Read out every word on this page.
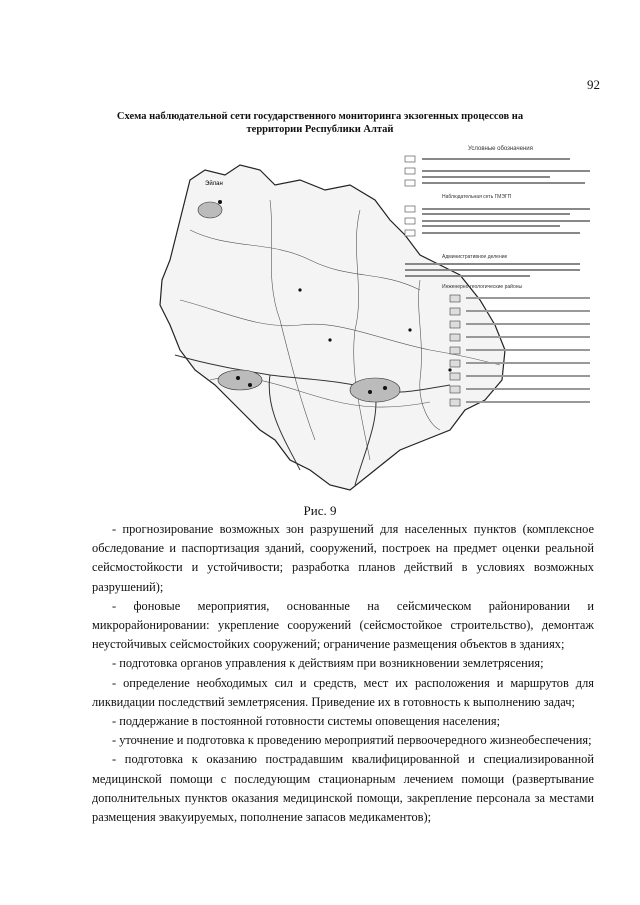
92
Схема наблюдательной сети государственного мониторинга экзогенных процессов на
территории Республики Алтай
Эйлан
Условные обозначения
Наблюдательная сеть ГМЭГП
Административное деление
Инженерно-геологические районы
Рис. 9

- прогнозирование возможных зон разрушений для населенных пунктов (комплексное обследование и паспортизация зданий, сооружений, построек на предмет оценки реальной сейсмостойкости и устойчивости; разработка планов действий в условиях возможных разрушений);

- фоновые мероприятия, основанные на сейсмическом районировании и микрорайонировании: укрепление сооружений (сейсмостойкое строительство), демонтаж неустойчивых сейсмостойких сооружений; ограничение размещения объектов в зданиях;

- подготовка органов управления к действиям при возникновении землетрясения;

- определение необходимых сил и средств, мест их расположения и маршрутов для ликвидации последствий землетрясения. Приведение их в готовность к выполнению задач;

- поддержание в постоянной готовности системы оповещения населения;

- уточнение и подготовка к проведению мероприятий первоочередного жизнеобеспечения;

- подготовка к оказанию пострадавшим квалифицированной и специализированной медицинской помощи с последующим стационарным лечением помощи (развертывание дополнительных пунктов оказания медицинской помощи, закрепление персонала за местами размещения эвакуируемых, пополнение запасов медикаментов);
